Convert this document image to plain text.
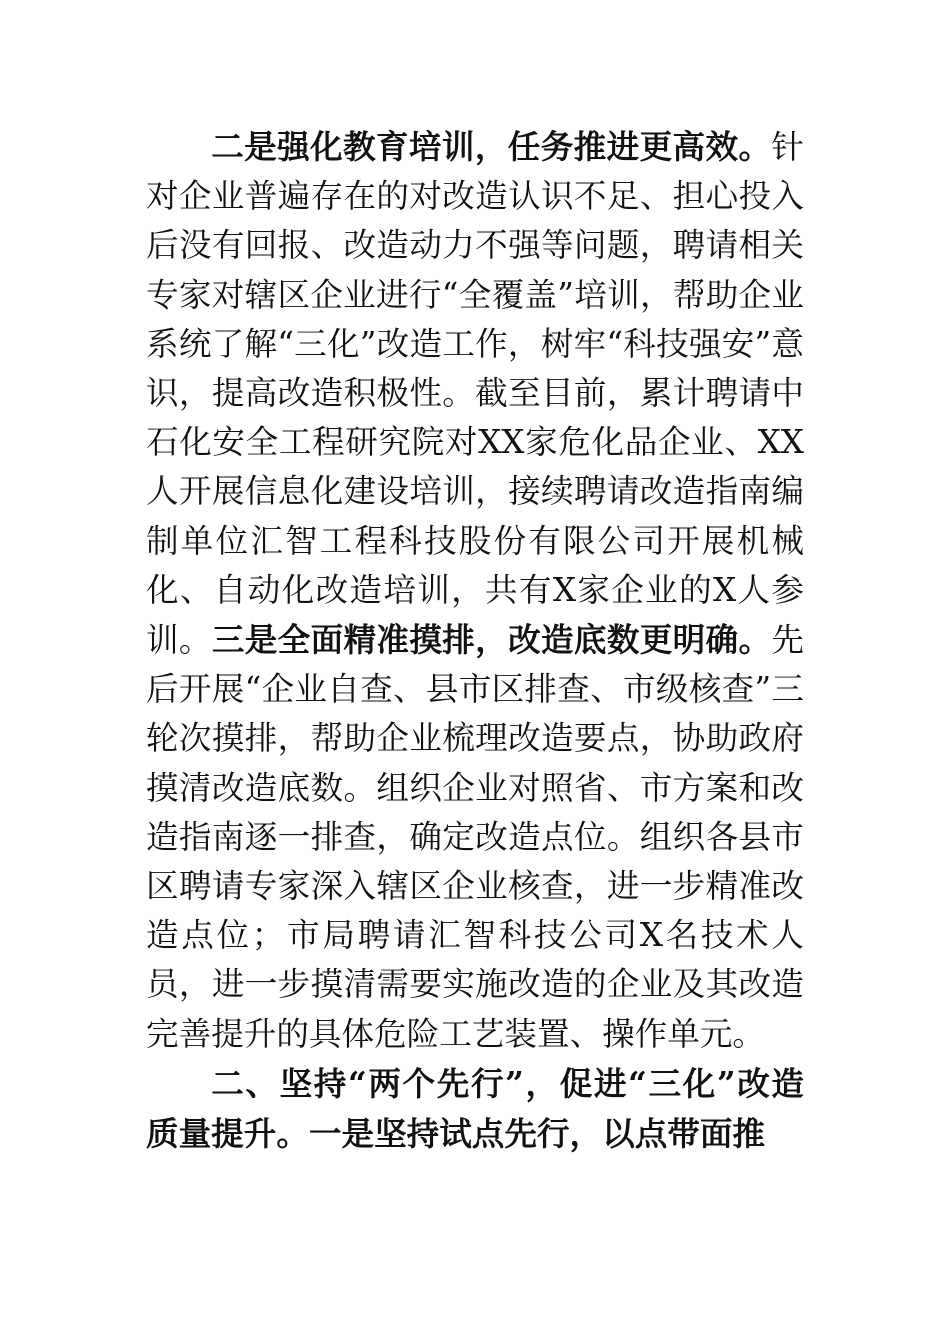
二是强化教育培训，任务推进更高效。针对企业普遍存在的对改造认识不足、担心投入后没有回报、改造动力不强等问题，聘请相关专家对辖区企业进行“全覆盖”培训，帮助企业系统了解“三化”改造工作，树牢“科技强安”意识，提高改造积极性。截至目前，累计聘请中石化安全工程研究院对XX家危化品企业、XX人开展信息化建设培训，接续聘请改造指南编制单位汇智工程科技股份有限公司开展机械化、自动化改造培训，共有X家企业的X人参训。三是全面精准摸排，改造底数更明确。先后开展“企业自查、县市区排查、市级核查”三轮次摸排，帮助企业梳理改造要点，协助政府摸清改造底数。组织企业对照省、市方案和改造指南逐一排查，确定改造点位。组织各县市区聘请专家深入辖区企业核查，进一步精准改造点位；市局聘请汇智科技公司X名技术人员，进一步摸清需要实施改造的企业及其改造完善提升的具体危险工艺装置、操作单元。

二、坚持“两个先行”，促进“三化”改造质量提升。一是坚持试点先行，以点带面推
